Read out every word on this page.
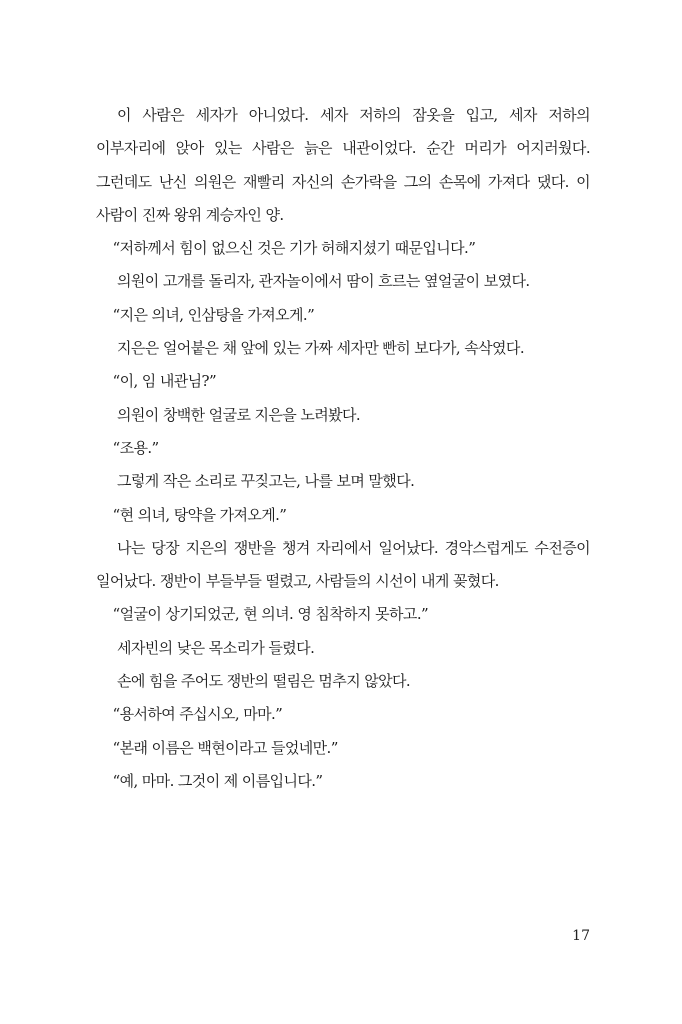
이 사람은 세자가 아니었다. 세자 저하의 잠옷을 입고, 세자 저하의 이부자리에 앉아 있는 사람은 늙은 내관이었다. 순간 머리가 어지러웠다. 그런데도 난신 의원은 재빨리 자신의 손가락을 그의 손목에 가져다 댔다. 이 사람이 진짜 왕위 계승자인 양.

“저하께서 힘이 없으신 것은 기가 허해지셨기 때문입니다.”

의원이 고개를 돌리자, 관자놀이에서 땀이 흐르는 옆얼굴이 보였다.

“지은 의녀, 인삼탕을 가져오게.”

지은은 얼어붙은 채 앞에 있는 가짜 세자만 빤히 보다가, 속삭였다.

“이, 임 내관님?”

의원이 창백한 얼굴로 지은을 노려봤다.

“조용.”

그렇게 작은 소리로 꾸짖고는, 나를 보며 말했다.

“현 의녀, 탕약을 가져오게.”

나는 당장 지은의 쟁반을 챙겨 자리에서 일어났다. 경악스럽게도 수전증이 일어났다. 쟁반이 부들부들 떨렸고, 사람들의 시선이 내게 꽂혔다.

“얼굴이 상기되었군, 현 의녀. 영 침착하지 못하고.”

세자빈의 낮은 목소리가 들렸다.

손에 힘을 주어도 쟁반의 떨림은 멈추지 않았다.

“용서하여 주십시오, 마마.”

“본래 이름은 백현이라고 들었네만.”

“예, 마마. 그것이 제 이름입니다.”

17
